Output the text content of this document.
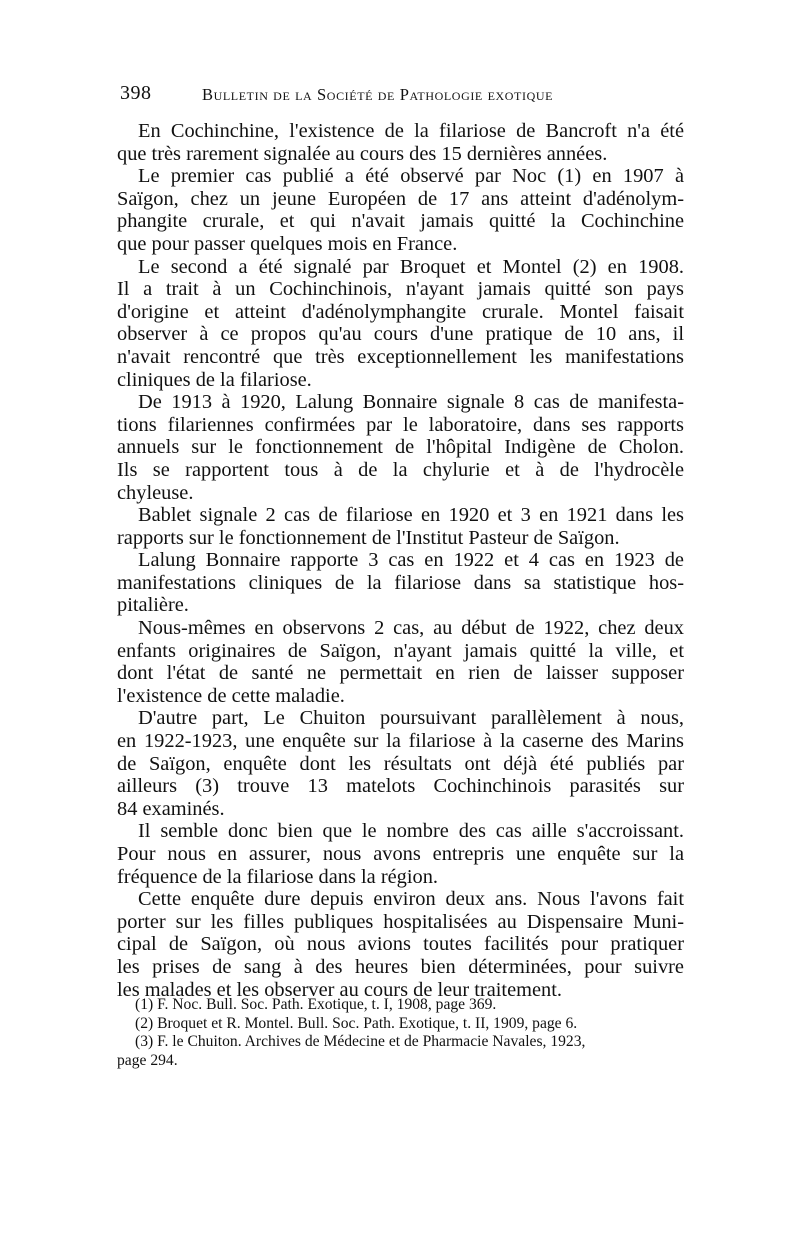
398	Bulletin de la Société de Pathologie exotique
En Cochinchine, l'existence de la filariose de Bancroft n'a été
que très rarement signalée au cours des 15 dernières années.
Le premier cas publié a été observé par Noc (1) en 1907 à
Saïgon, chez un jeune Européen de 17 ans atteint d'adénolym-
phangite crurale, et qui n'avait jamais quitté la Cochinchine
que pour passer quelques mois en France.
Le second a été signalé par Broquet et Montel (2) en 1908.
Il a trait à un Cochinchinois, n'ayant jamais quitté son pays
d'origine et atteint d'adénolymphangite crurale. Montel faisait
observer à ce propos qu'au cours d'une pratique de 10 ans, il
n'avait rencontré que très exceptionnellement les manifestations
cliniques de la filariose.
De 1913 à 1920, Lalung Bonnaire signale 8 cas de manifesta-
tions filariennes confirmées par le laboratoire, dans ses rapports
annuels sur le fonctionnement de l'hôpital Indigène de Cholon.
Ils se rapportent tous à de la chylurie et à de l'hydrocèle
chyleuse.
Bablet signale 2 cas de filariose en 1920 et 3 en 1921 dans les
rapports sur le fonctionnement de l'Institut Pasteur de Saïgon.
Lalung Bonnaire rapporte 3 cas en 1922 et 4 cas en 1923 de
manifestations cliniques de la filariose dans sa statistique hos-
pitalière.
Nous-mêmes en observons 2 cas, au début de 1922, chez deux
enfants originaires de Saïgon, n'ayant jamais quitté la ville, et
dont l'état de santé ne permettait en rien de laisser supposer
l'existence de cette maladie.
D'autre part, Le Chuiton poursuivant parallèlement à nous,
en 1922-1923, une enquête sur la filariose à la caserne des Marins
de Saïgon, enquête dont les résultats ont déjà été publiés par
ailleurs (3) trouve 13 matelots Cochinchinois parasités sur
84 examinés.
Il semble donc bien que le nombre des cas aille s'accroissant.
Pour nous en assurer, nous avons entrepris une enquête sur la
fréquence de la filariose dans la région.
Cette enquête dure depuis environ deux ans. Nous l'avons fait
porter sur les filles publiques hospitalisées au Dispensaire Muni-
cipal de Saïgon, où nous avions toutes facilités pour pratiquer
les prises de sang à des heures bien déterminées, pour suivre
les malades et les observer au cours de leur traitement.
(1) F. Noc. Bull. Soc. Path. Exotique, t. I, 1908, page 369.
(2) Broquet et R. Montel. Bull. Soc. Path. Exotique, t. II, 1909, page 6.
(3) F. le Chuiton. Archives de Médecine et de Pharmacie Navales, 1923,
page 294.
